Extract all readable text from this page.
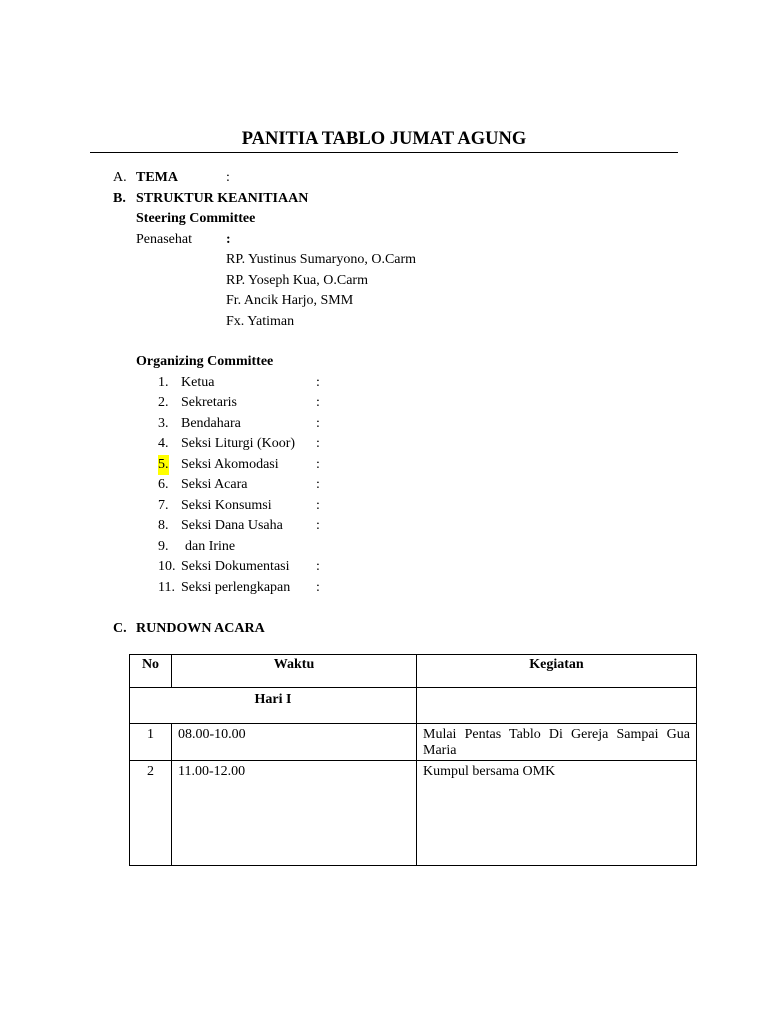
PANITIA TABLO JUMAT AGUNG
A. TEMA	:
B. STRUKTUR KEANITIAAN
Steering Committee
Penasehat :
RP. Yustinus Sumaryono, O.Carm
RP. Yoseph Kua, O.Carm
Fr. Ancik Harjo, SMM
Fx. Yatiman
Organizing Committee
1. Ketua	:
2. Sekretaris	:
3. Bendahara	:
4. Seksi Liturgi (Koor) :
5. Seksi Akomodasi	:
6. Seksi Acara	:
7. Seksi Konsumsi	:
8. Seksi Dana Usaha :
9. dan Irine
10. Seksi Dokumentasi :
11. Seksi perlengkapan :
C. RUNDOWN ACARA
No	Waktu	Kegiatan
Hari I		
1	08.00-10.00	Mulai Pentas Tablo Di Gereja Sampai Gua Maria
2	11.00-12.00	Kumpul bersama OMK
